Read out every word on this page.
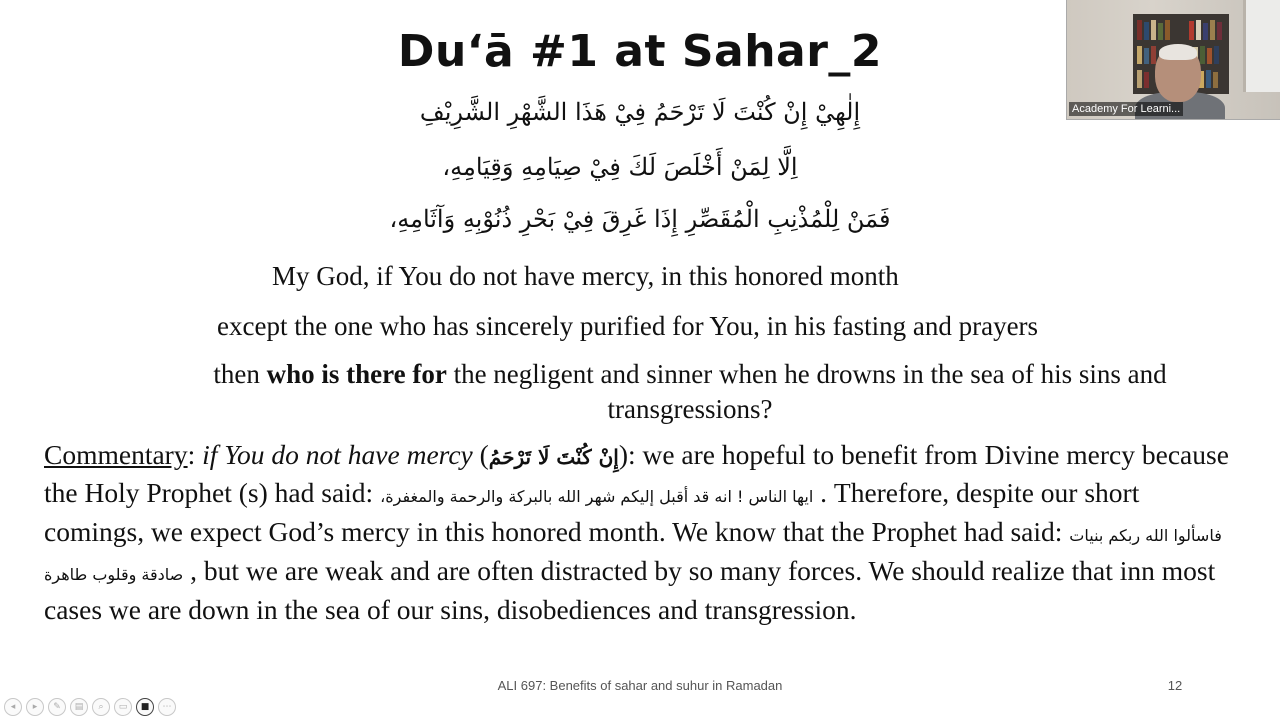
Duʻā #1 at Sahar_2
إِلٰهِيْ إِنْ كُنْتَ لَا تَرْحَمُ فِيْ هَذَا الشَّهْرِ الشَّرِيْفِ
اِلَّا لِمَنْ أَخْلَصَ لَكَ فِيْ صِيَامِهِ وَقِيَامِهِ،
فَمَنْ لِلْمُذْنِبِ الْمُقَصِّرِ إِذَا غَرِقَ فِيْ بَحْرِ ذُنُوْبِهِ وَآثَامِهِ،
My God, if You do not have mercy, in this honored month
except the one who has sincerely purified for You, in his fasting and prayers
then who is there for the negligent and sinner when he drowns in the sea of his sins and transgressions?
Commentary: if You do not have mercy (إِنْ كُنْتَ لَا تَرْحَمُ): we are hopeful to benefit from Divine mercy because the Holy Prophet (s) had said: ايها الناس ! انه قد أقبل إليكم شهر الله بالبركة والرحمة والمغفرة، . Therefore, despite our short comings, we expect God’s mercy in this honored month. We know that the Prophet had said: فاسألوا الله ربكم بنيات صادقة وقلوب طاهرة , but we are weak and are often distracted by so many forces. We should realize that inn most cases we are down in the sea of our sins, disobediences and transgression.
ALI 697: Benefits of sahar and suhur in Ramadan	12
◂	▸	✎	▤	⌕	▭	■	⋯
Academy For Learni...
